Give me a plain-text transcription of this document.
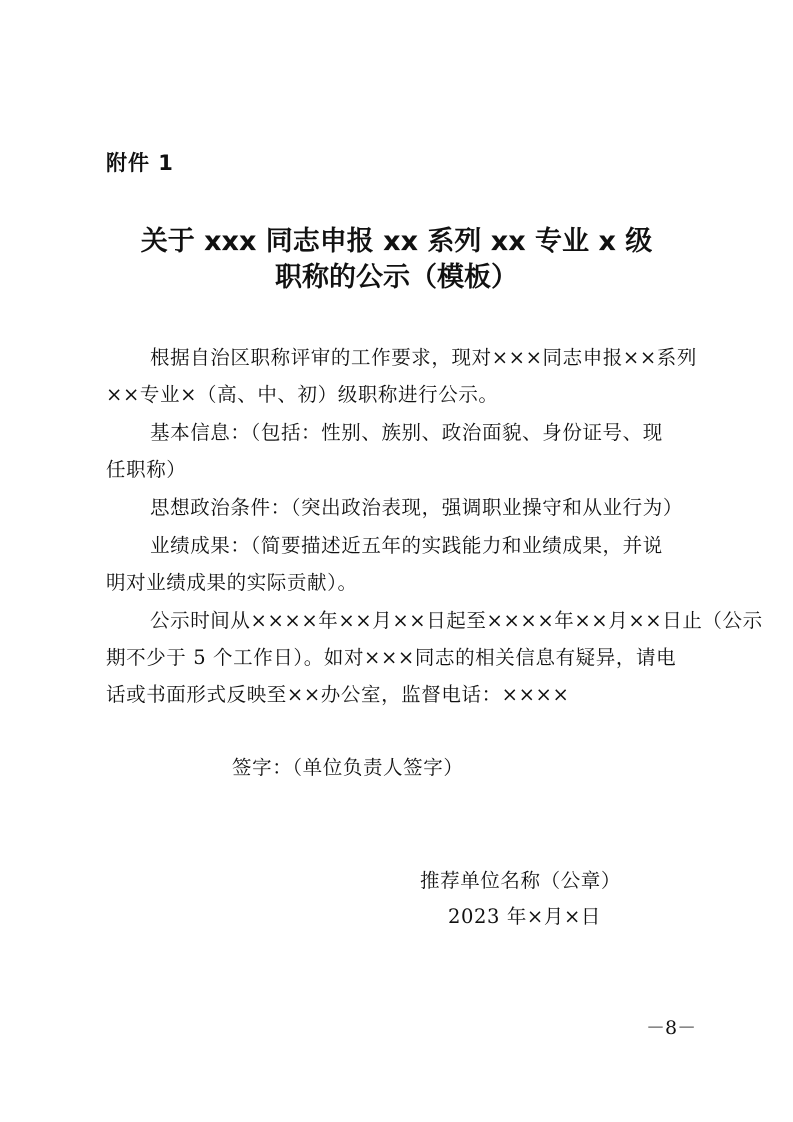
附件 1
关于 xxx 同志申报 xx 系列 xx 专业 x 级
职称的公示（模板）
根据自治区职称评审的工作要求，现对×××同志申报××系列
××专业×（高、中、初）级职称进行公示。
基本信息：（包括：性别、族别、政治面貌、身份证号、现
任职称）
思想政治条件：（突出政治表现，强调职业操守和从业行为）
业绩成果：（简要描述近五年的实践能力和业绩成果，并说
明对业绩成果的实际贡献）。
公示时间从××××年××月××日起至××××年××月××日止（公示
期不少于 5 个工作日）。如对×××同志的相关信息有疑异，请电
话或书面形式反映至××办公室，监督电话：××××
签字：（单位负责人签字）
推荐单位名称（公章）
2023 年×月×日
－8－
